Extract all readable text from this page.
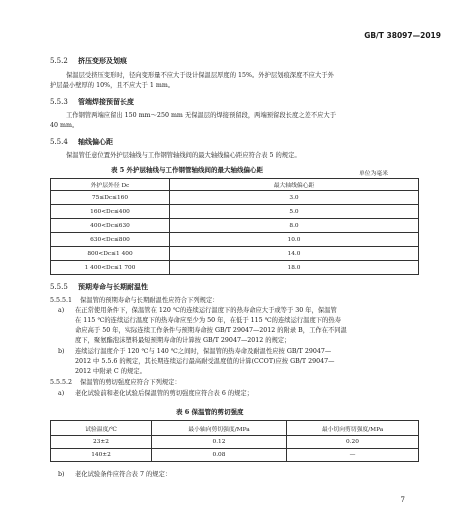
GB/T 38097—2019
5.5.2 挤压变形及划痕
保温层受挤压变形时，径向变形量不应大于设计保温层厚度的 15%。外护层划痕深度不应大于外
护层最小壁厚的 10%，且不应大于 1 mm。
5.5.3 管端焊接预留长度
工作钢管两端应留出 150 mm～250 mm 无保温层的焊接预留段，两端预留段长度之差不应大于
40 mm。
5.5.4 轴线偏心距
保温管任意位置外护层轴线与工作钢管轴线间的最大轴线偏心距应符合表 5 的规定。
表 5 外护层轴线与工作钢管轴线间的最大轴线偏心距	单位为毫米
外护层外径 Dc	最大轴线偏心距
75≤Dc≤160	3.0
160<Dc≤400	5.0
400<Dc≤630	8.0
630<Dc≤800	10.0
800<Dc≤1 400	14.0
1 400<Dc≤1 700	18.0
5.5.5 预期寿命与长期耐温性
5.5.5.1 保温管的预期寿命与长期耐温性应符合下列规定：
a) 在正常使用条件下，保温管在 120 ℃的连续运行温度下的热寿命应大于或等于 30 年，保温管
在 115 ℃的连续运行温度下的热寿命应至少为 50 年，在低于 115 ℃的连续运行温度下的热寿
命应高于 50 年，实际连续工作条件与预期寿命按 GB/T 29047—2012 的附录 B，工作在不同温
度下，聚氨酯泡沫塑料最短预期寿命的计算按 GB/T 29047—2012 的规定；
b) 连续运行温度介于 120 ℃与 140 ℃之间时，保温管的热寿命及耐温性应按 GB/T 29047—
2012 中 5.5.6 的规定，其长期连续运行最高耐受温度值的计算(CCOT)应按 GB/T 29047—
2012 中附录 C 的规定。
5.5.5.2 保温管的剪切强度应符合下列规定：
a) 老化试验前和老化试验后保温管的剪切强度应符合表 6 的规定；
表 6 保温管的剪切强度
试验温度/℃	最小轴向剪切强度/MPa	最小切向剪切强度/MPa
23±2	0.12	0.20
140±2	0.08	—
b) 老化试验条件应符合表 7 的规定：
7
